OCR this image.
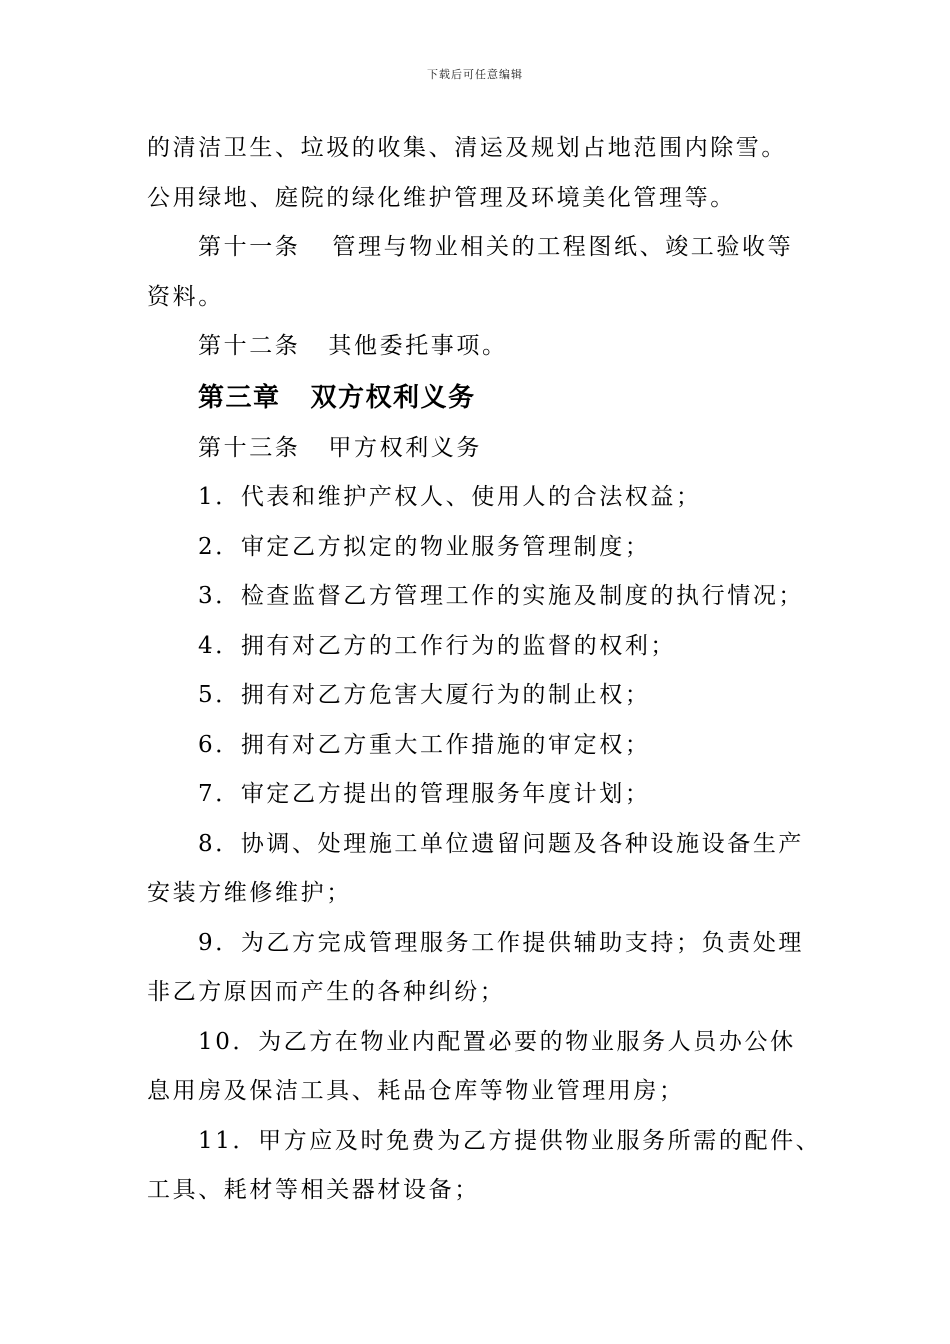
下载后可任意编辑

的清洁卫生、垃圾的收集、清运及规划占地范围内除雪。

公用绿地、庭院的绿化维护管理及环境美化管理等。

第十一条 管理与物业相关的工程图纸、竣工验收等

资料。

第十二条 其他委托事项。

第三章 双方权利义务

第十三条 甲方权利义务

1．代表和维护产权人、使用人的合法权益；

2．审定乙方拟定的物业服务管理制度；

3．检查监督乙方管理工作的实施及制度的执行情况；

4．拥有对乙方的工作行为的监督的权利；

5．拥有对乙方危害大厦行为的制止权；

6．拥有对乙方重大工作措施的审定权；

7．审定乙方提出的管理服务年度计划；

8．协调、处理施工单位遗留问题及各种设施设备生产

安装方维修维护；

9．为乙方完成管理服务工作提供辅助支持；负责处理

非乙方原因而产生的各种纠纷；

10．为乙方在物业内配置必要的物业服务人员办公休

息用房及保洁工具、耗品仓库等物业管理用房；

11．甲方应及时免费为乙方提供物业服务所需的配件、

工具、耗材等相关器材设备；
